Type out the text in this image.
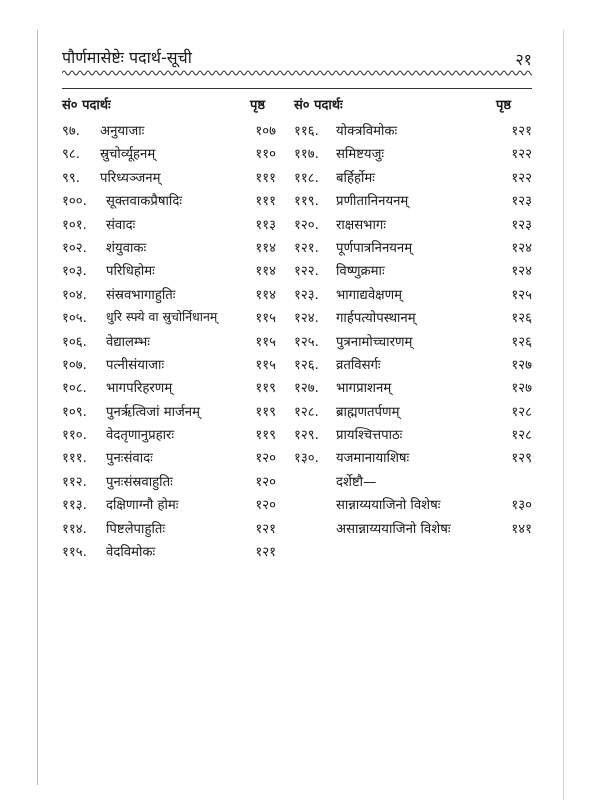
पौर्णमासेष्टेः पदार्थ-सूची	२१
सं० पदार्थः	पृष्ठ सं० पदार्थः	पृष्ठ
९७. अनुयाजाः	१०७
९८. स्रुचोर्व्यूहनम्	११०
९९. परिध्यञ्जनम्	१११
१००. सूक्तवाकप्रैषादिः	१११
१०१. संवादः	११३
१०२. शंयुवाकः	११४
१०३. परिधिहोमः	११४
१०४. संस्रवभागाहुतिः	११४
१०५. धुरि स्फ्ये वा स्रुचोर्निधानम्	११५
१०६. वेद्यालम्भः	११५
१०७. पत्नीसंयाजाः	११५
१०८. भागपरिहरणम्	११९
१०९. पुनर्ऋत्विजां मार्जनम्	११९
११०. वेदतृणानुप्रहारः	११९
१११. पुनःसंवादः	१२०
११२. पुनःसंस्रवाहुतिः	१२०
११३. दक्षिणाग्नौ होमः	१२०
११४. पिष्टलेपाहुतिः	१२१
११५. वेदविमोकः	१२१
११६. योक्त्रविमोकः	१२१
११७. समिष्टयजुः	१२२
११८. बर्हिर्होमः	१२२
११९. प्रणीतानिनयनम्	१२३
१२०. राक्षसभागः	१२३
१२१. पूर्णपात्रनिनयनम्	१२४
१२२. विष्णुक्रमाः	१२४
१२३. भागाद्यवेक्षणम्	१२५
१२४. गार्हपत्योपस्थानम्	१२६
१२५. पुत्रनामोच्चारणम्	१२६
१२६. व्रतविसर्गः	१२७
१२७. भागप्राशनम्	१२७
१२८. ब्राह्मणतर्पणम्	१२८
१२९. प्रायश्चित्तपाठः	१२८
१३०. यजमानायाशिषः	१२९
दर्शेष्टौ—
सान्नाय्ययाजिनो विशेषः	१३०
असान्नाय्ययाजिनो विशेषः	१४१
